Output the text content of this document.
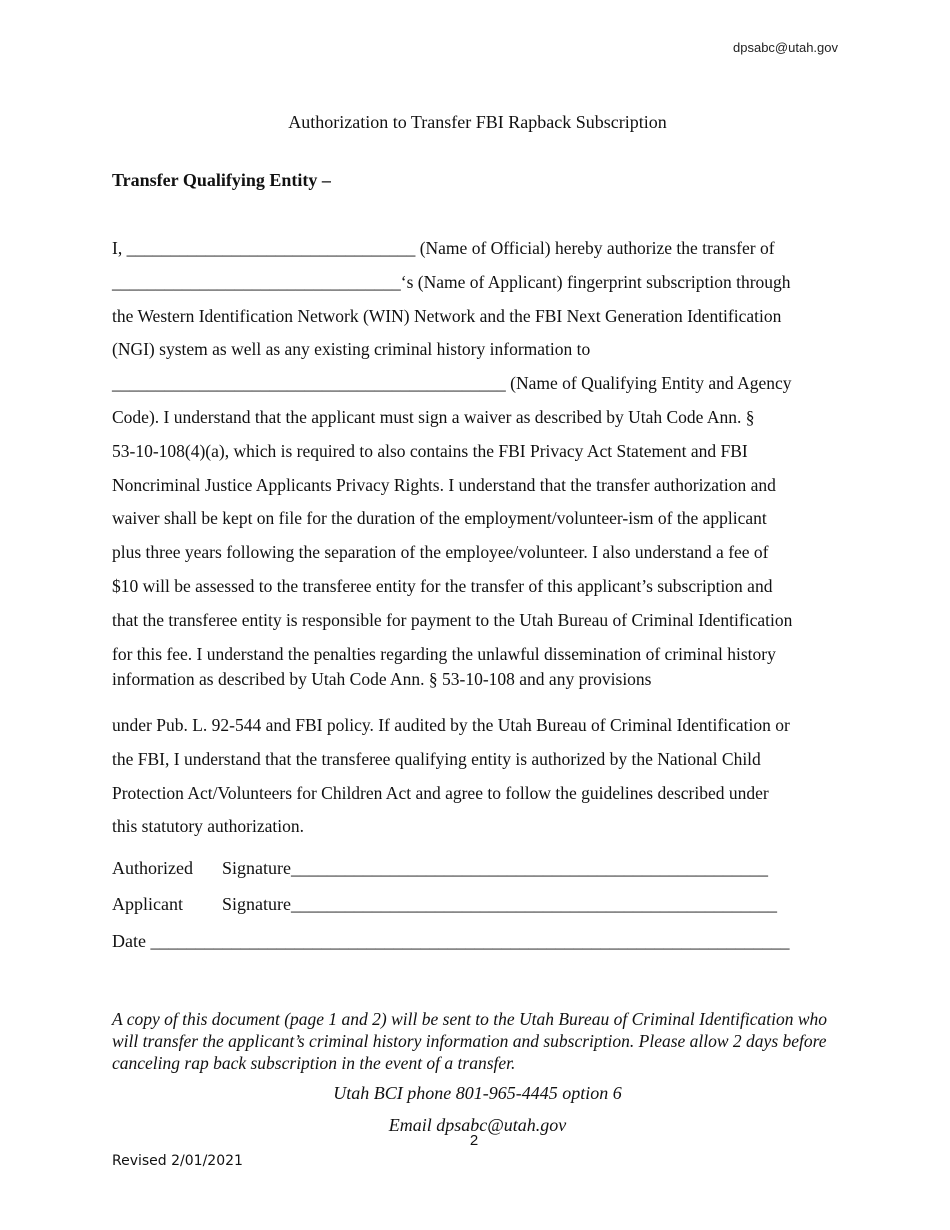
dpsabc@utah.gov
Authorization to Transfer FBI Rapback Subscription
Transfer Qualifying Entity –
I, _________________________________ (Name of Official) hereby authorize the transfer of
_________________________________‘s (Name of Applicant) fingerprint subscription through
the Western Identification Network (WIN) Network and the FBI Next Generation Identification
(NGI) system as well as any existing criminal history information to
_____________________________________________ (Name of Qualifying Entity and Agency
Code). I understand that the applicant must sign a waiver as described by Utah Code Ann. §
53-10-108(4)(a), which is required to also contains the FBI Privacy Act Statement and FBI
Noncriminal Justice Applicants Privacy Rights. I understand that the transfer authorization and
waiver shall be kept on file for the duration of the employment/volunteer-ism of the applicant
plus three years following the separation of the employee/volunteer. I also understand a fee of
$10 will be assessed to the transferee entity for the transfer of this applicant’s subscription and
that the transferee entity is responsible for payment to the Utah Bureau of Criminal Identification
for this fee. I understand the penalties regarding the unlawful dissemination of criminal history
information as described by Utah Code Ann. § 53-10-108 and any provisions
under Pub. L. 92-544 and FBI policy. If audited by the Utah Bureau of Criminal Identification or
the FBI, I understand that the transferee qualifying entity is authorized by the National Child
Protection Act/Volunteers for Children Act and agree to follow the guidelines described under
this statutory authorization.
Authorized Signature_____________________________________________________
Applicant Signature______________________________________________________
Date _______________________________________________________________________
A copy of this document (page 1 and 2) will be sent to the Utah Bureau of Criminal Identification who will transfer the applicant’s criminal history information and subscription. Please allow 2 days before canceling rap back subscription in the event of a transfer.
Utah BCI phone 801-965-4445 option 6
Email dpsabc@utah.gov
2
Revised 2/01/2021
